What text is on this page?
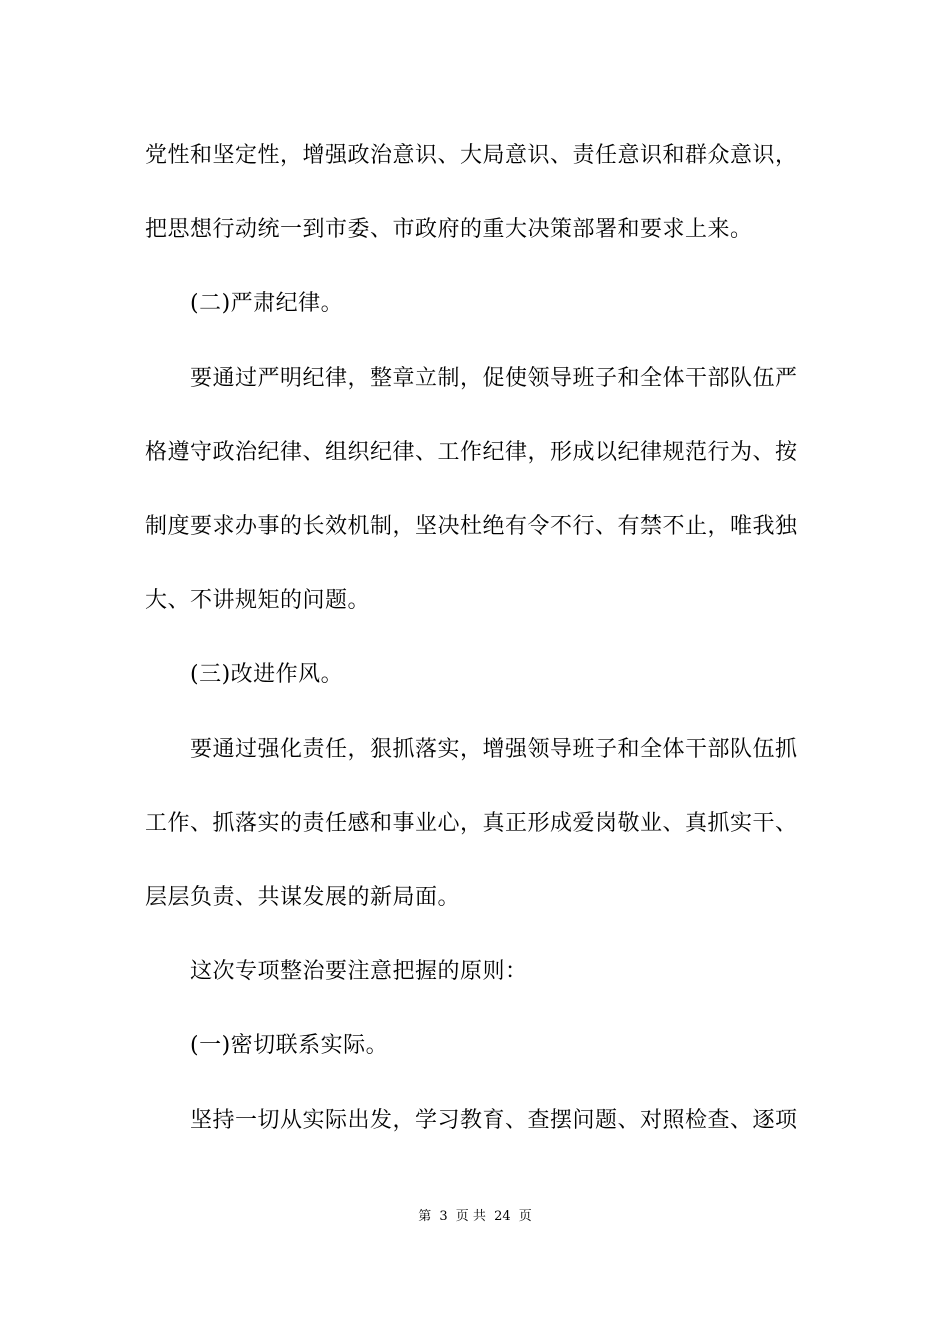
党性和坚定性，增强政治意识、大局意识、责任意识和群众意识，
把思想行动统一到市委、市政府的重大决策部署和要求上来。
(二)严肃纪律。
要通过严明纪律，整章立制，促使领导班子和全体干部队伍严
格遵守政治纪律、组织纪律、工作纪律，形成以纪律规范行为、按
制度要求办事的长效机制，坚决杜绝有令不行、有禁不止，唯我独
大、不讲规矩的问题。
(三)改进作风。
要通过强化责任，狠抓落实，增强领导班子和全体干部队伍抓
工作、抓落实的责任感和事业心，真正形成爱岗敬业、真抓实干、
层层负责、共谋发展的新局面。
这次专项整治要注意把握的原则：
(一)密切联系实际。
坚持一切从实际出发，学习教育、查摆问题、对照检查、逐项
第 3 页 共 24 页
